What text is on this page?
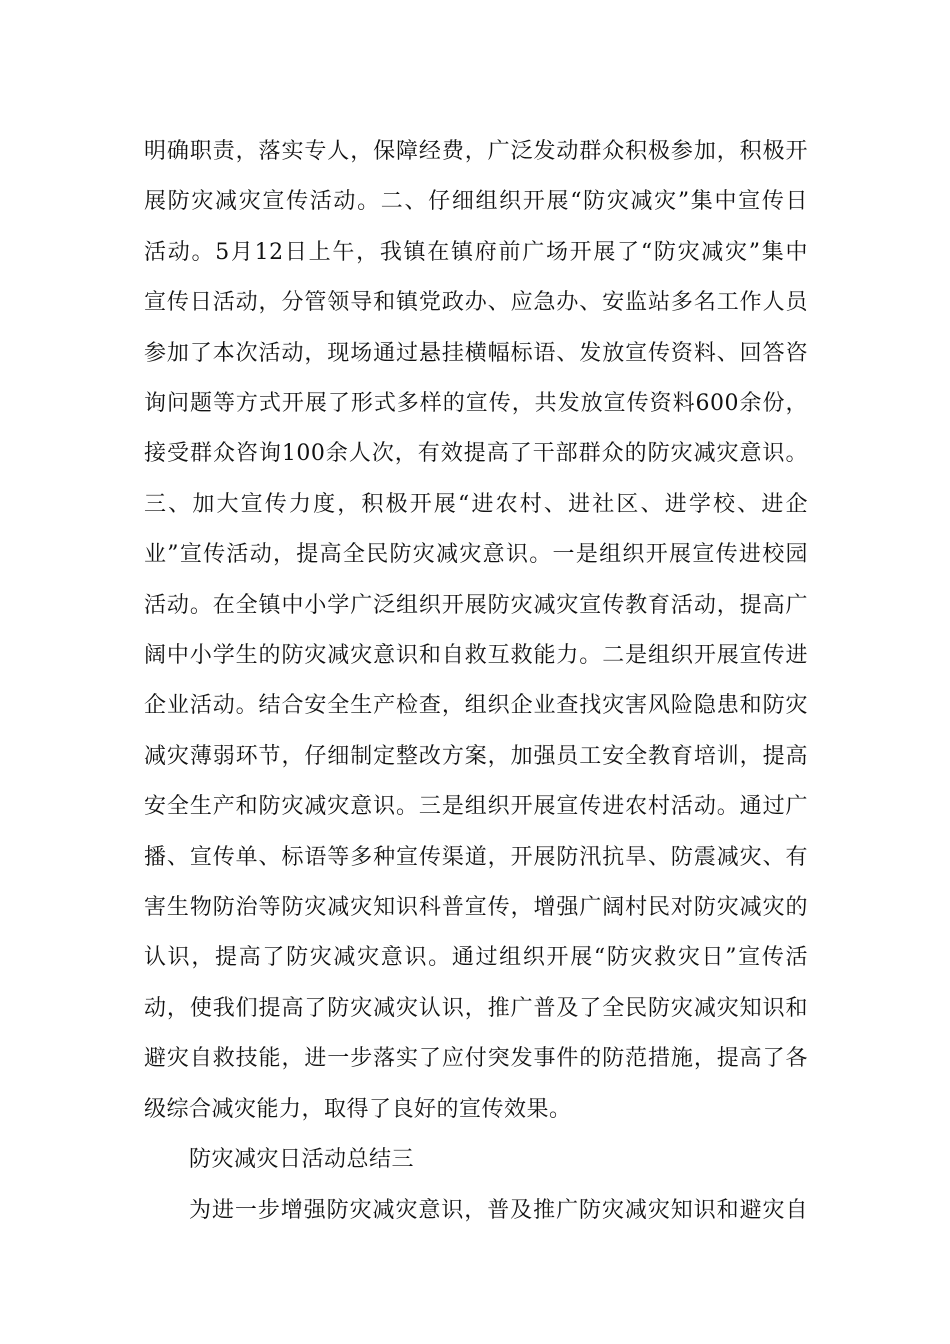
明确职责，落实专人，保障经费，广泛发动群众积极参加，积极开
展防灾减灾宣传活动。二、仔细组织开展“防灾减灾”集中宣传日
活动。5月12日上午，我镇在镇府前广场开展了“防灾减灾”集中
宣传日活动，分管领导和镇党政办、应急办、安监站多名工作人员
参加了本次活动，现场通过悬挂横幅标语、发放宣传资料、回答咨
询问题等方式开展了形式多样的宣传，共发放宣传资料600余份，
接受群众咨询100余人次，有效提高了干部群众的防灾减灾意识。
三、加大宣传力度，积极开展“进农村、进社区、进学校、进企
业”宣传活动，提高全民防灾减灾意识。一是组织开展宣传进校园
活动。在全镇中小学广泛组织开展防灾减灾宣传教育活动，提高广
阔中小学生的防灾减灾意识和自救互救能力。二是组织开展宣传进
企业活动。结合安全生产检查，组织企业查找灾害风险隐患和防灾
减灾薄弱环节，仔细制定整改方案，加强员工安全教育培训，提高
安全生产和防灾减灾意识。三是组织开展宣传进农村活动。通过广
播、宣传单、标语等多种宣传渠道，开展防汛抗旱、防震减灾、有
害生物防治等防灾减灾知识科普宣传，增强广阔村民对防灾减灾的
认识，提高了防灾减灾意识。通过组织开展“防灾救灾日”宣传活
动，使我们提高了防灾减灾认识，推广普及了全民防灾减灾知识和
避灾自救技能，进一步落实了应付突发事件的防范措施，提高了各
级综合减灾能力，取得了良好的宣传效果。
防灾减灾日活动总结三
为进一步增强防灾减灾意识，普及推广防灾减灾知识和避灾自
